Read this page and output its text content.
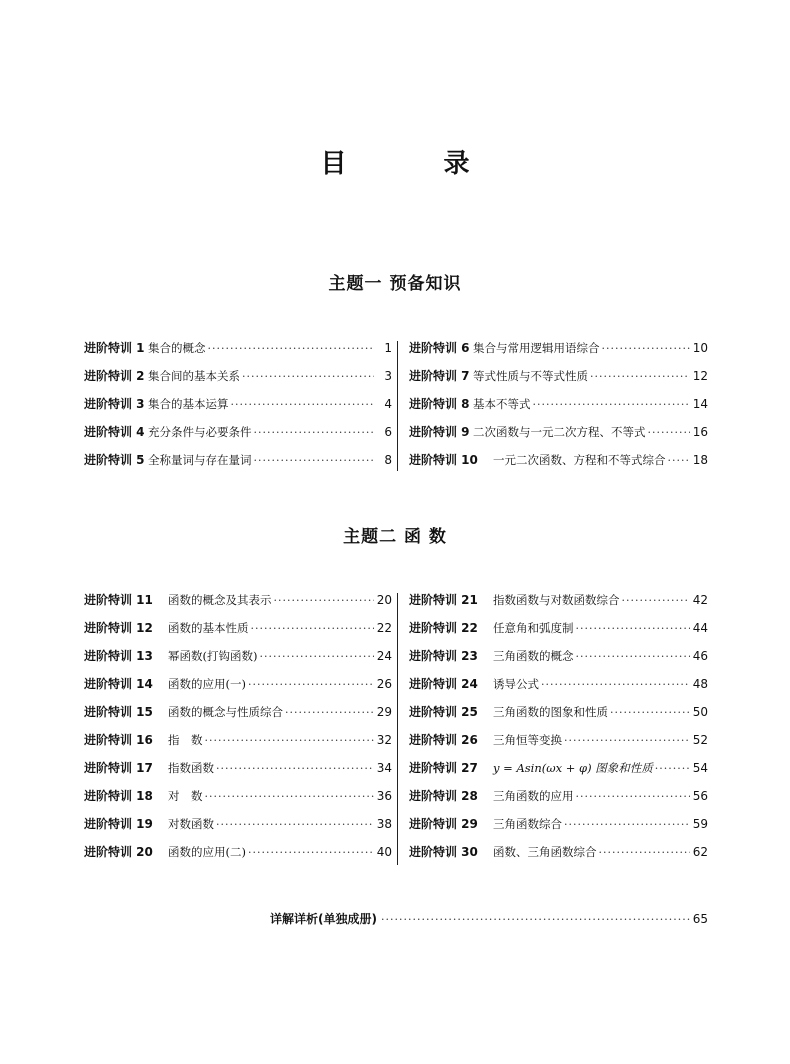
目 录
主题一 预备知识
进阶特训 1 集合的概念 ·····	1
进阶特训 2 集合间的基本关系 ·····	3
进阶特训 3 集合的基本运算 ·····	4
进阶特训 4 充分条件与必要条件 ·····	6
进阶特训 5 全称量词与存在量词 ·····	8
进阶特训 6 集合与常用逻辑用语综合 ·····	10
进阶特训 7 等式性质与不等式性质 ·····	12
进阶特训 8 基本不等式 ·····	14
进阶特训 9 二次函数与一元二次方程、不等式 ·····	16
进阶特训 10	一元二次函数、方程和不等式综合 ····· 18
主题二 函 数
进阶特训 11	函数的概念及其表示 ·····	20
进阶特训 12	函数的基本性质 ·····	22
进阶特训 13	幂函数(打钩函数) ·····	24
进阶特训 14	函数的应用(一) ·····	26
进阶特训 15	函数的概念与性质综合 ·····	29
进阶特训 16	指　数 ·····	32
进阶特训 17	指数函数 ·····	34
进阶特训 18	对　数 ·····	36
进阶特训 19	对数函数 ·····	38
进阶特训 20	函数的应用(二) ·····	40
进阶特训 21	指数函数与对数函数综合 ·····	42
进阶特训 22	任意角和弧度制 ·····	44
进阶特训 23	三角函数的概念 ·····	46
进阶特训 24	诱导公式 ·····	48
进阶特训 25	三角函数的图象和性质 ·····	50
进阶特训 26	三角恒等变换 ·····	52
进阶特训 27	y = Asin(ωx + φ) 图象和性质 ·····	54
进阶特训 28	三角函数的应用 ·····	56
进阶特训 29	三角函数综合 ·····	59
进阶特训 30	函数、三角函数综合 ·····	62
详解详析(单独成册) ·····	65
